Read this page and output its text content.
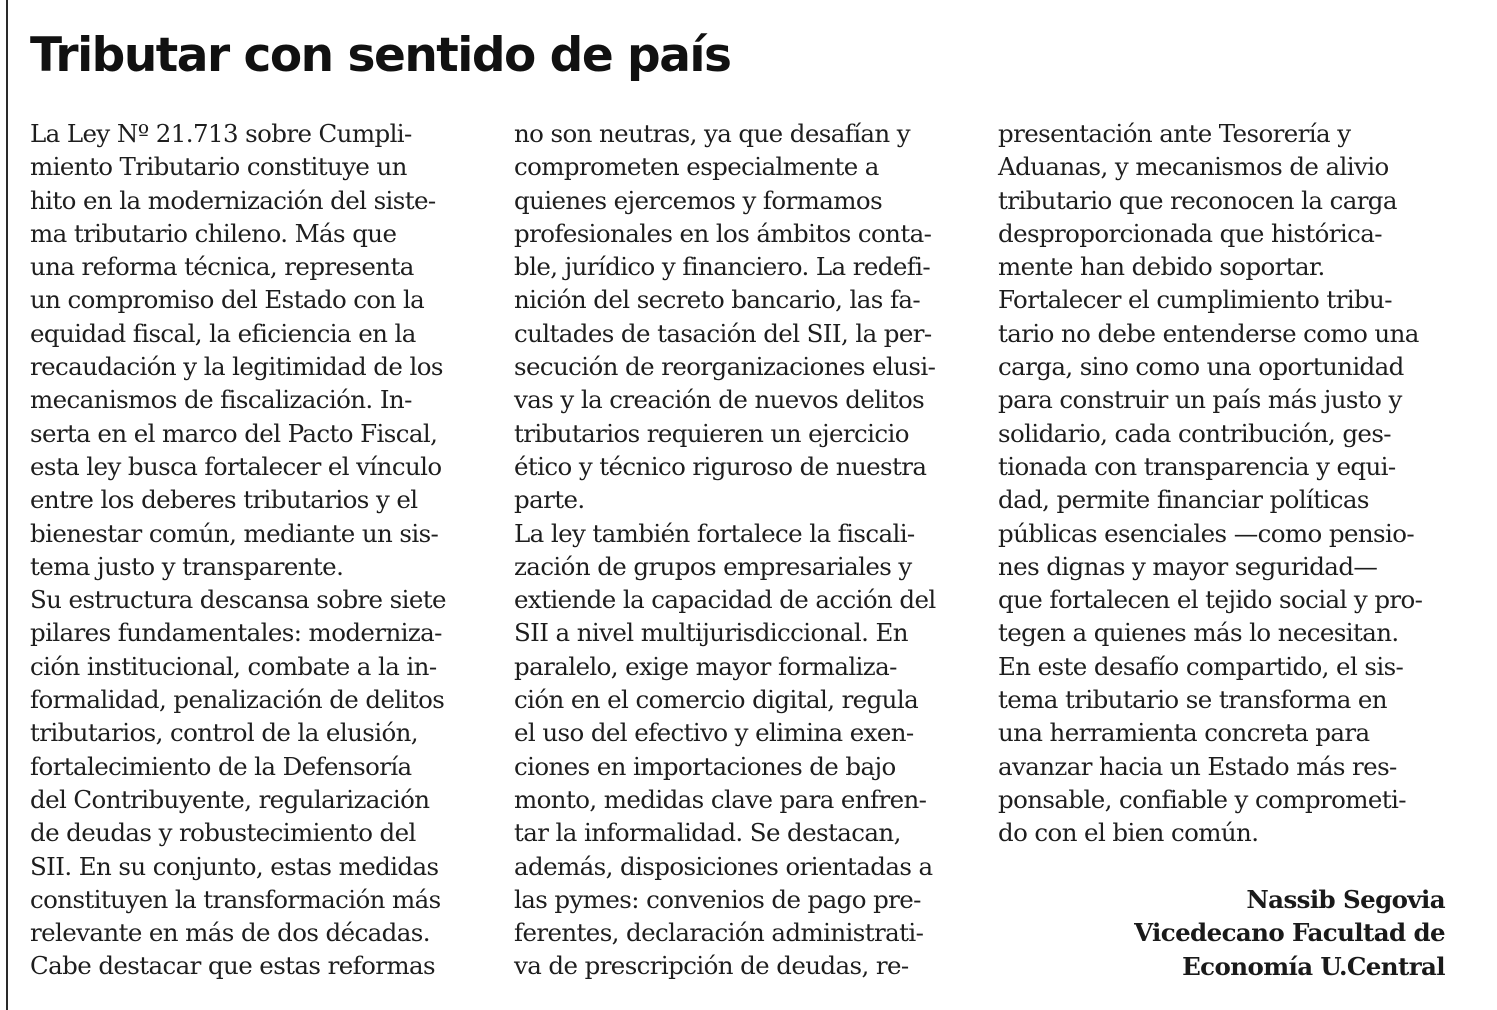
Tributar con sentido de país
La Ley Nº 21.713 sobre Cumpli-
miento Tributario constituye un
hito en la modernización del siste-
ma tributario chileno. Más que
una reforma técnica, representa
un compromiso del Estado con la
equidad fiscal, la eficiencia en la
recaudación y la legitimidad de los
mecanismos de fiscalización. In-
serta en el marco del Pacto Fiscal,
esta ley busca fortalecer el vínculo
entre los deberes tributarios y el
bienestar común, mediante un sis-
tema justo y transparente.
Su estructura descansa sobre siete
pilares fundamentales: moderniza-
ción institucional, combate a la in-
formalidad, penalización de delitos
tributarios, control de la elusión,
fortalecimiento de la Defensoría
del Contribuyente, regularización
de deudas y robustecimiento del
SII. En su conjunto, estas medidas
constituyen la transformación más
relevante en más de dos décadas.
Cabe destacar que estas reformas
no son neutras, ya que desafían y
comprometen especialmente a
quienes ejercemos y formamos
profesionales en los ámbitos conta-
ble, jurídico y financiero. La redefi-
nición del secreto bancario, las fa-
cultades de tasación del SII, la per-
secución de reorganizaciones elusi-
vas y la creación de nuevos delitos
tributarios requieren un ejercicio
ético y técnico riguroso de nuestra
parte.
La ley también fortalece la fiscali-
zación de grupos empresariales y
extiende la capacidad de acción del
SII a nivel multijurisdiccional. En
paralelo, exige mayor formaliza-
ción en el comercio digital, regula
el uso del efectivo y elimina exen-
ciones en importaciones de bajo
monto, medidas clave para enfren-
tar la informalidad. Se destacan,
además, disposiciones orientadas a
las pymes: convenios de pago pre-
ferentes, declaración administrati-
va de prescripción de deudas, re-
presentación ante Tesorería y
Aduanas, y mecanismos de alivio
tributario que reconocen la carga
desproporcionada que histórica-
mente han debido soportar.
Fortalecer el cumplimiento tribu-
tario no debe entenderse como una
carga, sino como una oportunidad
para construir un país más justo y
solidario, cada contribución, ges-
tionada con transparencia y equi-
dad, permite financiar políticas
públicas esenciales —como pensio-
nes dignas y mayor seguridad—
que fortalecen el tejido social y pro-
tegen a quienes más lo necesitan.
En este desafío compartido, el sis-
tema tributario se transforma en
una herramienta concreta para
avanzar hacia un Estado más res-
ponsable, confiable y comprometi-
do con el bien común.
Nassib Segovia
Vicedecano Facultad de
Economía U.Central
